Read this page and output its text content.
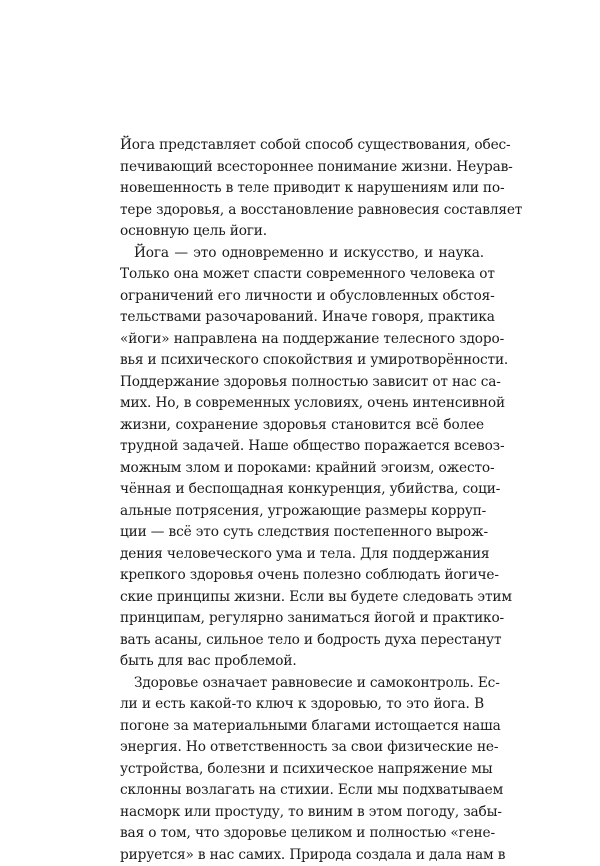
Йога представляет собой способ существования, обес-
печивающий всестороннее понимание жизни. Неурав-
новешенность в теле приводит к нарушениям или по-
тере здоровья, а восстановление равновесия составляет
основную цель йоги.
Йога — это одновременно и искусство, и наука.
Только она может спасти современного человека от
ограничений его личности и обусловленных обстоя-
тельствами разочарований. Иначе говоря, практика
«йоги» направлена на поддержание телесного здоро-
вья и психического спокойствия и умиротворённости.
Поддержание здоровья полностью зависит от нас са-
мих. Но, в современных условиях, очень интенсивной
жизни, сохранение здоровья становится всё более
трудной задачей. Наше общество поражается всевоз-
можным злом и пороками: крайний эгоизм, ожесто-
чённая и беспощадная конкуренция, убийства, соци-
альные потрясения, угрожающие размеры корруп-
ции — всё это суть следствия постепенного вырож-
дения человеческого ума и тела. Для поддержания
крепкого здоровья очень полезно соблюдать йогиче-
ские принципы жизни. Если вы будете следовать этим
принципам, регулярно заниматься йогой и практико-
вать асаны, сильное тело и бодрость духа перестанут
быть для вас проблемой.
Здоровье означает равновесие и самоконтроль. Ес-
ли и есть какой-то ключ к здоровью, то это йога. В
погоне за материальными благами истощается наша
энергия. Но ответственность за свои физические не-
устройства, болезни и психическое напряжение мы
склонны возлагать на стихии. Если мы подхватываем
насморк или простуду, то виним в этом погоду, забы-
вая о том, что здоровье целиком и полностью «гене-
рируется» в нас самих. Природа создала и дала нам в
